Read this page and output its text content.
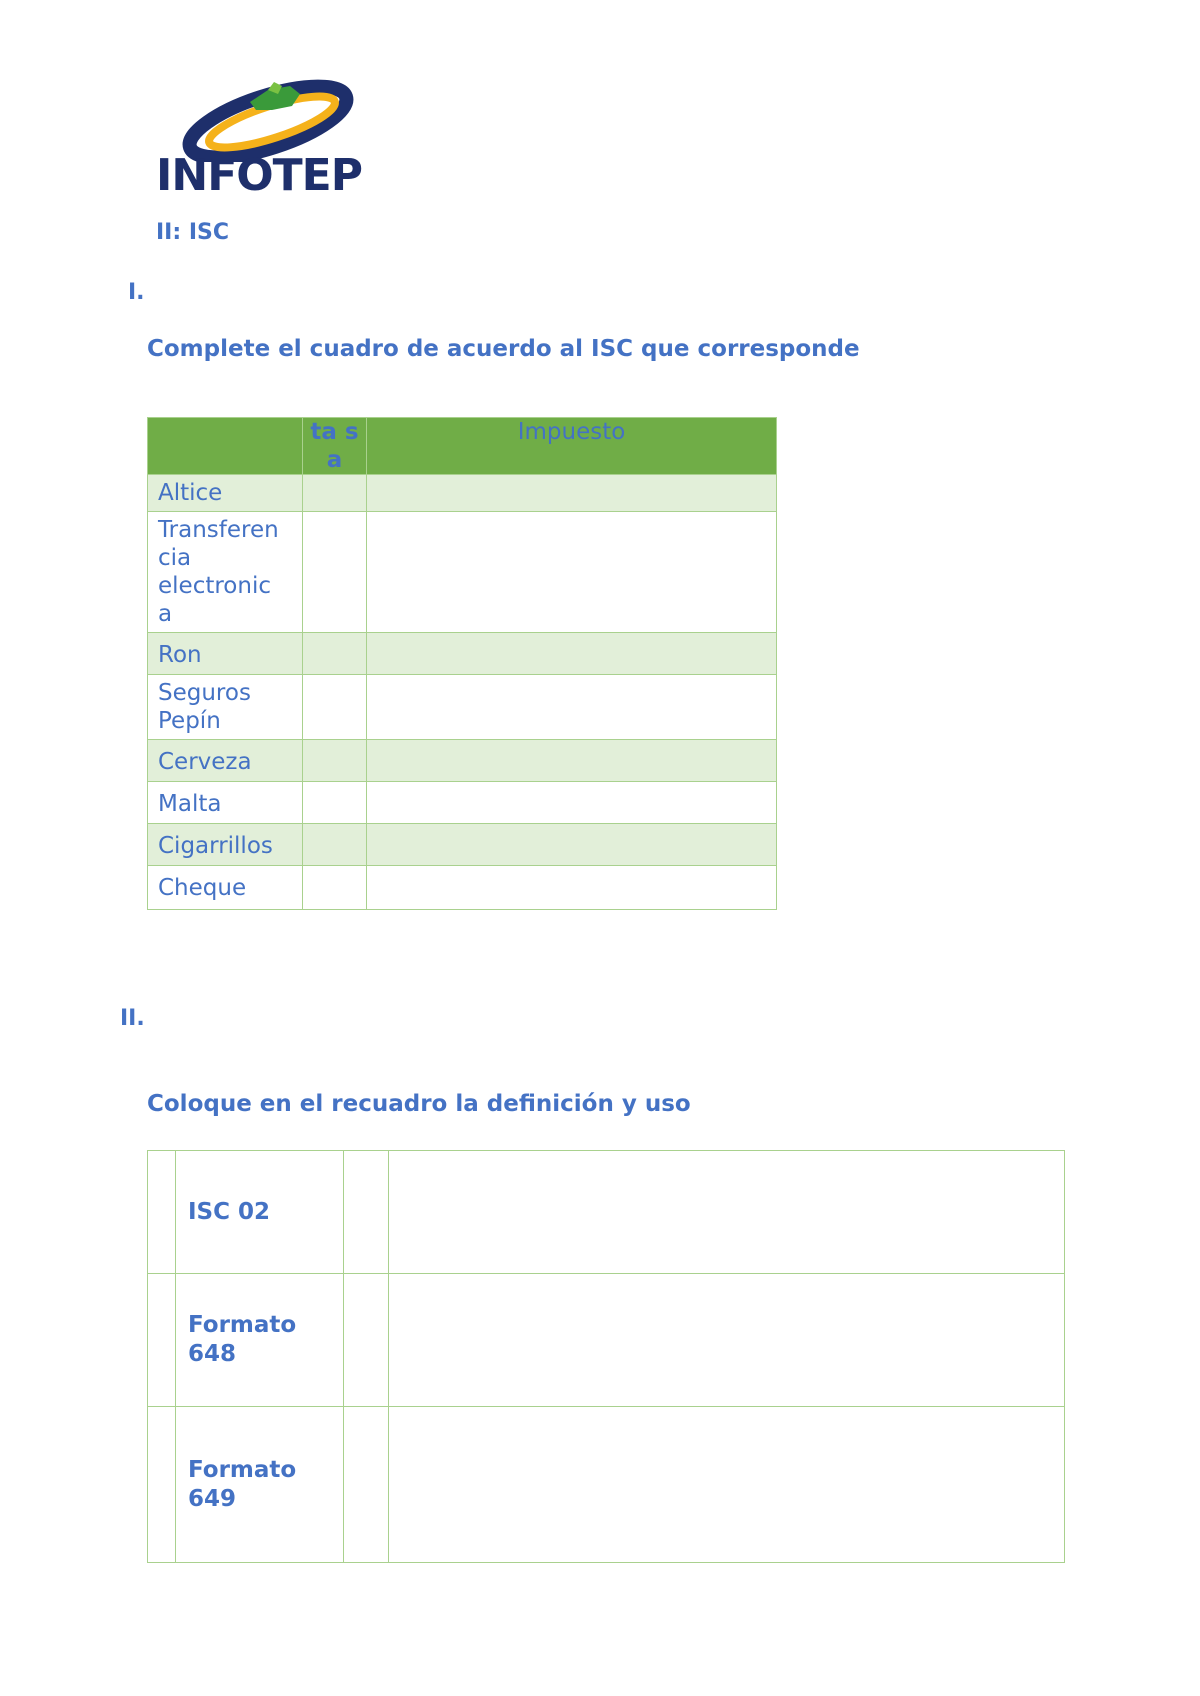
INFOTEP
II: ISC
I.
Complete el cuadro de acuerdo al ISC que corresponde
	ta sa	Impuesto
Altice		
Transferen cia electronic a		
Ron		
Seguros Pepín		
Cerveza		
Malta		
Cigarrillos		
Cheque		
II.
Coloque en el recuadro la definición y uso
	ISC 02		
	Formato 648		
	Formato 649		
